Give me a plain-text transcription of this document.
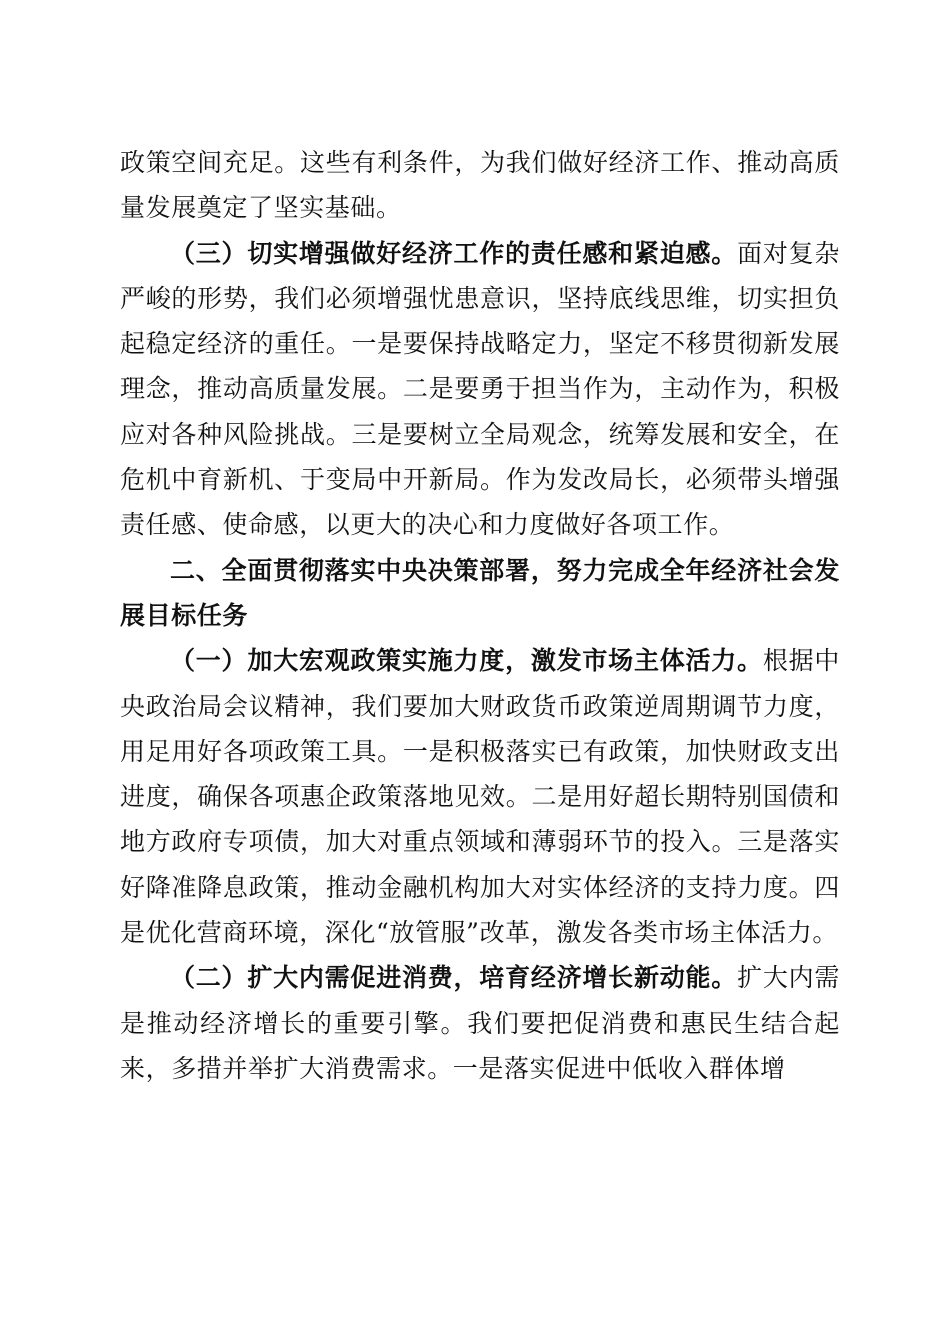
政策空间充足。这些有利条件，为我们做好经济工作、推动高质量发展奠定了坚实基础。

（三）切实增强做好经济工作的责任感和紧迫感。面对复杂严峻的形势，我们必须增强忧患意识，坚持底线思维，切实担负起稳定经济的重任。一是要保持战略定力，坚定不移贯彻新发展理念，推动高质量发展。二是要勇于担当作为，主动作为，积极应对各种风险挑战。三是要树立全局观念，统筹发展和安全，在危机中育新机、于变局中开新局。作为发改局长，必须带头增强责任感、使命感，以更大的决心和力度做好各项工作。

二、全面贯彻落实中央决策部署，努力完成全年经济社会发展目标任务

（一）加大宏观政策实施力度，激发市场主体活力。根据中央政治局会议精神，我们要加大财政货币政策逆周期调节力度，用足用好各项政策工具。一是积极落实已有政策，加快财政支出进度，确保各项惠企政策落地见效。二是用好超长期特别国债和地方政府专项债，加大对重点领域和薄弱环节的投入。三是落实好降准降息政策，推动金融机构加大对实体经济的支持力度。四是优化营商环境，深化“放管服”改革，激发各类市场主体活力。

（二）扩大内需促进消费，培育经济增长新动能。扩大内需是推动经济增长的重要引擎。我们要把促消费和惠民生结合起来，多措并举扩大消费需求。一是落实促进中低收入群体增
